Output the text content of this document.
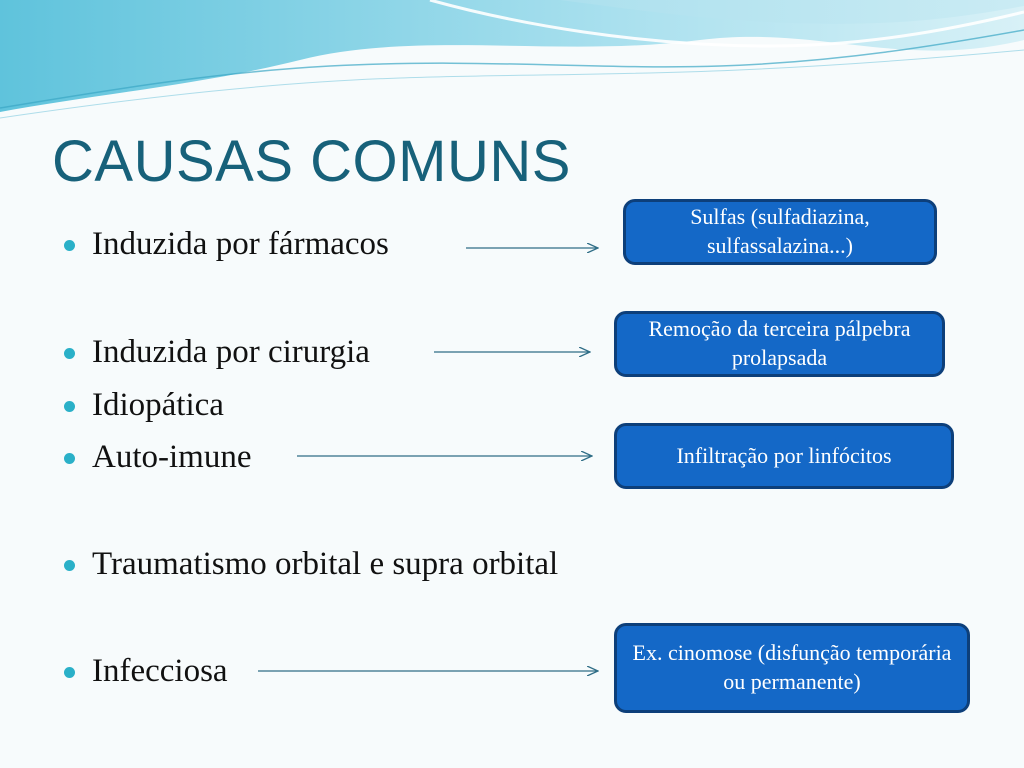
CAUSAS COMUNS
Induzida por fármacos
Induzida por cirurgia
Idiopática
Auto-imune
Traumatismo orbital e supra orbital
Infecciosa
Sulfas (sulfadiazina, sulfassalazina...)
Remoção da terceira pálpebra prolapsada
Infiltração por linfócitos
Ex. cinomose (disfunção temporária ou permanente)
